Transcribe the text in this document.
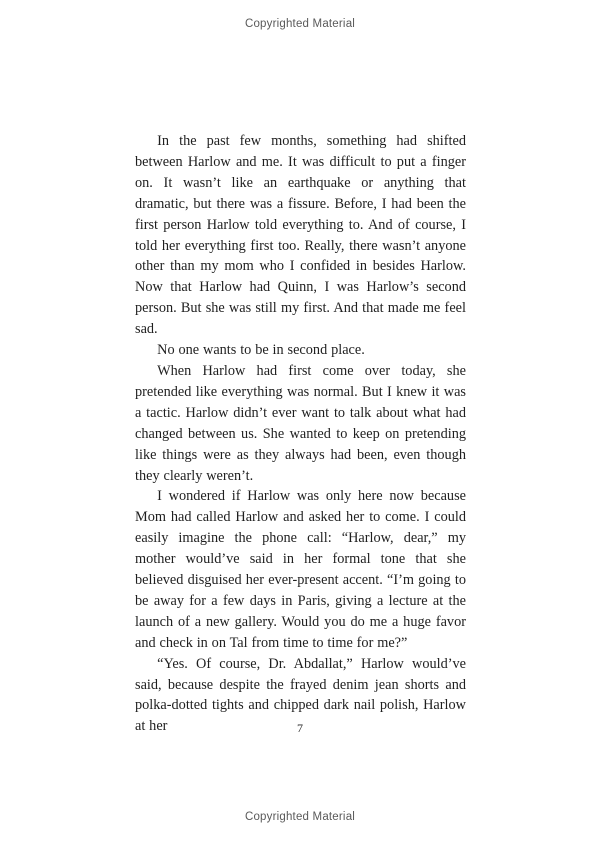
Copyrighted Material

In the past few months, something had shifted between Harlow and me. It was difficult to put a finger on. It wasn’t like an earthquake or anything that dramatic, but there was a fissure. Before, I had been the first person Harlow told everything to. And of course, I told her everything first too. Really, there wasn’t anyone other than my mom who I confided in besides Harlow. Now that Harlow had Quinn, I was Harlow’s second person. But she was still my first. And that made me feel sad.

No one wants to be in second place.

When Harlow had first come over today, she pretended like everything was normal. But I knew it was a tactic. Harlow didn’t ever want to talk about what had changed between us. She wanted to keep on pretending like things were as they always had been, even though they clearly weren’t.

I wondered if Harlow was only here now because Mom had called Harlow and asked her to come. I could easily imagine the phone call: “Harlow, dear,” my mother would’ve said in her formal tone that she believed disguised her ever-present accent. “I’m going to be away for a few days in Paris, giving a lecture at the launch of a new gallery. Would you do me a huge favor and check in on Tal from time to time for me?”

“Yes. Of course, Dr. Abdallat,” Harlow would’ve said, because despite the frayed denim jean shorts and polka-dotted tights and chipped dark nail polish, Harlow at her	7
Copyrighted Material
